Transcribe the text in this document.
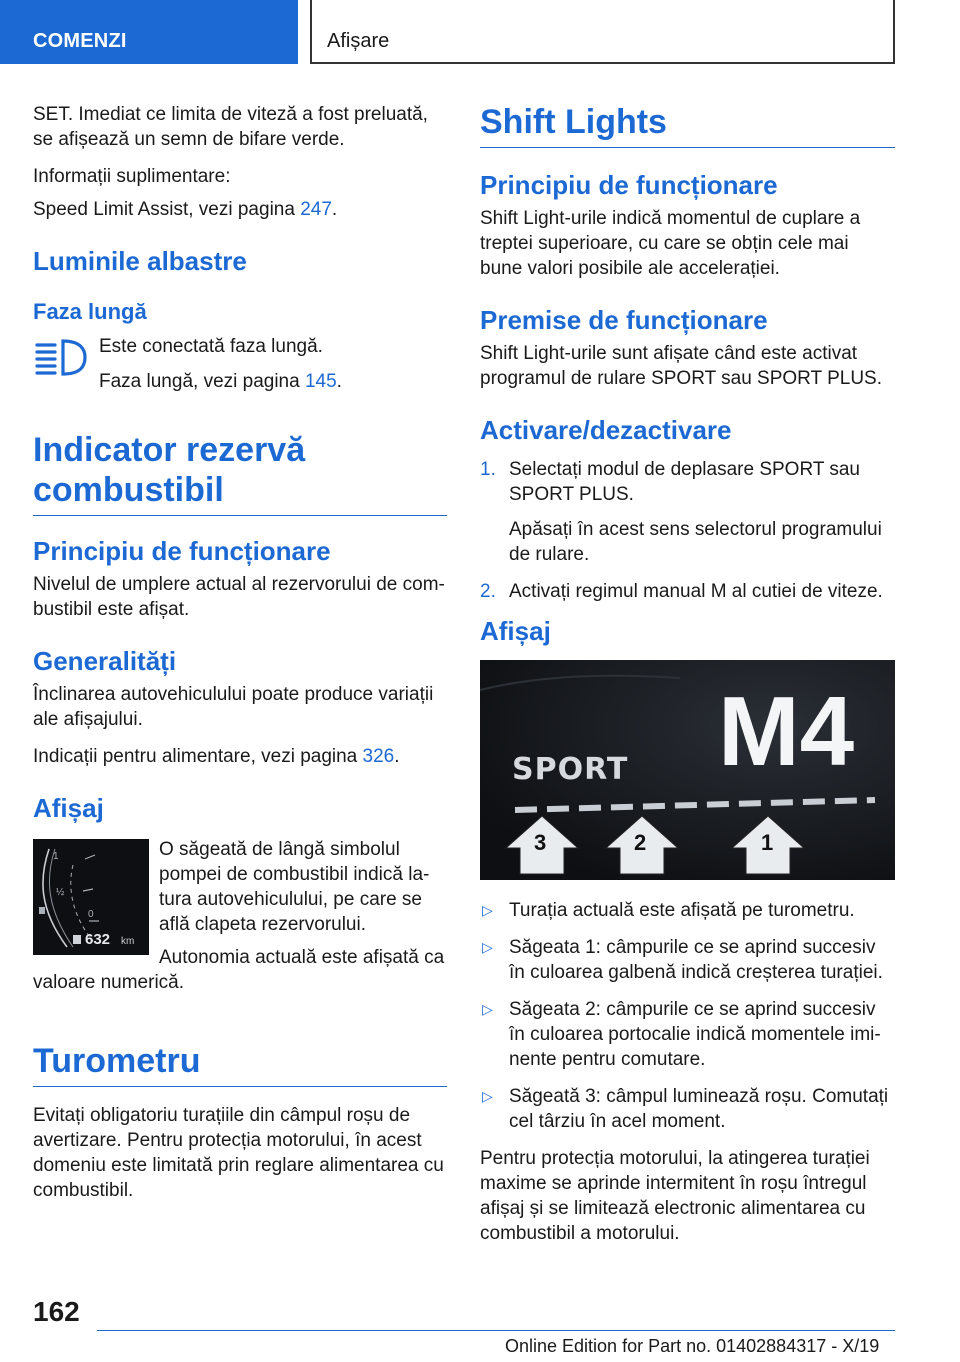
COMENZI	Afișare

SET. Imediat ce limita de viteză a fost preluată, se afișează un semn de bifare verde.

Informații suplimentare:

Speed Limit Assist, vezi pagina 247.

Luminile albastre
Faza lungă

Este conectată faza lungă.

Faza lungă, vezi pagina 145.

Indicator rezervă combustibil
Principiu de funcționare

Nivelul de umplere actual al rezervorului de com‐bustibil este afișat.

Generalități

Înclinarea autovehiculului poate produce variații ale afișajului.

Indicații pentru alimentare, vezi pagina 326.

Afișaj
1
½
0
632 km

O săgeată de lângă simbolul pompei de combustibil indică la‐tura autovehiculului, pe care se află clapeta rezervorului.

Autonomia actuală este afișată ca valoare numerică.

Turometru

Evitați obligatoriu turațiile din câmpul roșu de avertizare. Pentru protecția motorului, în acest domeniu este limitată prin reglare alimentarea cu combustibil.

Shift Lights
Principiu de funcționare

Shift Light-urile indică momentul de cuplare a treptei superioare, cu care se obțin cele mai bune valori posibile ale accelerației.

Premise de funcționare

Shift Light-urile sunt afișate când este activat programul de rulare SPORT sau SPORT PLUS.

Activare/dezactivare
1. Selectați modul de deplasare SPORT sau SPORT PLUS.
Apăsați în acest sens selectorul programului de rulare.
2. Activați regimul manual M al cutiei de viteze.
Afișaj
SPORT M4
3	2	1
▷ Turația actuală este afișată pe turometru.
▷ Săgeata 1: câmpurile ce se aprind succesiv în culoarea galbenă indică creșterea turației.
▷ Săgeata 2: câmpurile ce se aprind succesiv în culoarea portocalie indică momentele imi‐nente pentru comutare.
▷ Săgeată 3: câmpul luminează roșu. Comutați cel târziu în acel moment.

Pentru protecția motorului, la atingerea turației maxime se aprinde intermitent în roșu întregul afișaj și se limitează electronic alimentarea cu combustibil a motorului.

162
Online Edition for Part no. 01402884317 - X/19
